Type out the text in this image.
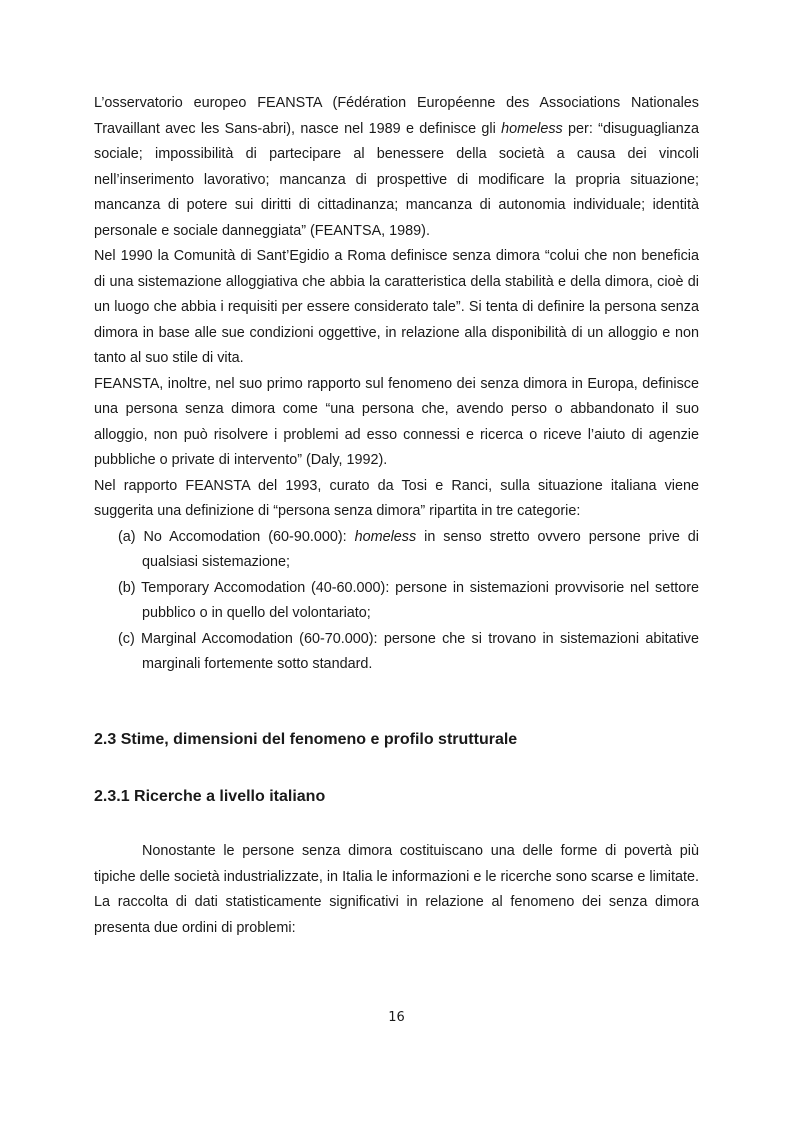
L’osservatorio europeo FEANSTA (Fédération Européenne des Associations Nationales Travaillant avec les Sans-abri), nasce nel 1989 e definisce gli homeless per: “disuguaglianza sociale; impossibilità di partecipare al benessere della società a causa dei vincoli nell’inserimento lavorativo; mancanza di prospettive di modificare la propria situazione; mancanza di potere sui diritti di cittadinanza; mancanza di autonomia individuale; identità personale e sociale danneggiata” (FEANTSA, 1989).

Nel 1990 la Comunità di Sant’Egidio a Roma definisce senza dimora “colui che non beneficia di una sistemazione alloggiativa che abbia la caratteristica della stabilità e della dimora, cioè di un luogo che abbia i requisiti per essere considerato tale”. Si tenta di definire la persona senza dimora in base alle sue condizioni oggettive, in relazione alla disponibilità di un alloggio e non tanto al suo stile di vita.

FEANSTA, inoltre, nel suo primo rapporto sul fenomeno dei senza dimora in Europa, definisce una persona senza dimora come “una persona che, avendo perso o abbandonato il suo alloggio, non può risolvere i problemi ad esso connessi e ricerca o riceve l’aiuto di agenzie pubbliche o private di intervento” (Daly, 1992).

Nel rapporto FEANSTA del 1993, curato da Tosi e Ranci, sulla situazione italiana viene suggerita una definizione di “persona senza dimora” ripartita in tre categorie:

(a) No Accomodation (60-90.000): homeless in senso stretto ovvero persone prive di qualsiasi sistemazione;
(b) Temporary Accomodation (40-60.000): persone in sistemazioni provvisorie nel settore pubblico o in quello del volontariato;
(c) Marginal Accomodation (60-70.000): persone che si trovano in sistemazioni abitative marginali fortemente sotto standard.
2.3 Stime, dimensioni del fenomeno e profilo strutturale
2.3.1 Ricerche a livello italiano

Nonostante le persone senza dimora costituiscano una delle forme di povertà più tipiche delle società industrializzate, in Italia le informazioni e le ricerche sono scarse e limitate. La raccolta di dati statisticamente significativi in relazione al fenomeno dei senza dimora presenta due ordini di problemi:

16
